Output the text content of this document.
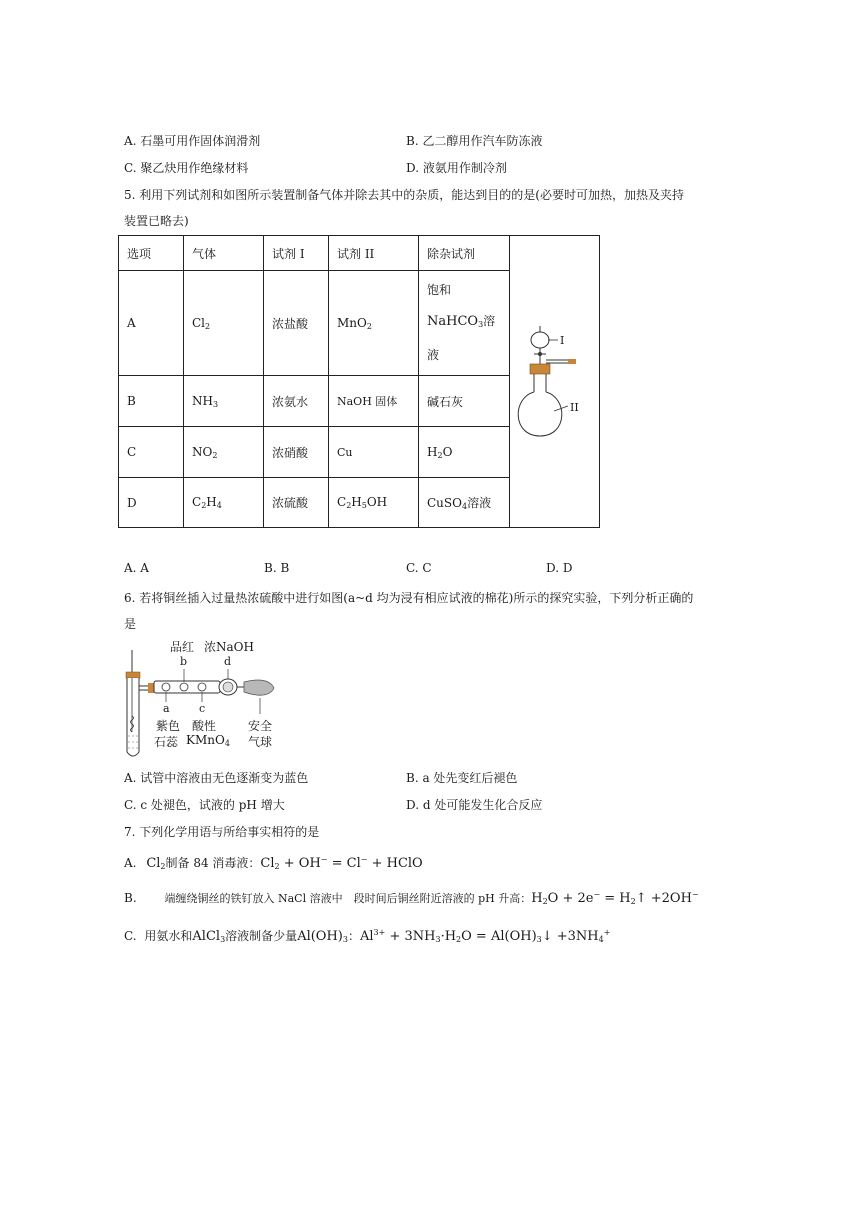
A. 石墨可用作固体润滑剂	B. 乙二醇用作汽车防冻液
C. 聚乙炔用作绝缘材料	D. 液氨用作制冷剂
5. 利用下列试剂和如图所示装置制备气体并除去其中的杂质，能达到目的的是(必要时可加热，加热及夹持
装置已略去)
选项	气体	试剂 I	试剂 II	除杂试剂	I
II

A	$Cl_2$	浓盐酸	MnO$_2$	饱和
NaHCO$_3$溶
液	

B	$NH_3$	浓氨水	NaOH 固体	碱石灰	
C	$NO_2$	浓硝酸	Cu	$H_2O$	
D	$C_2H_4$	浓硫酸	$C_2H_5OH$	CuSO$_4$溶液	
A. A	B. B	C. C	D. D
6. 若将铜丝插入过量热浓硫酸中进行如图(a~d 均为浸有相应试液的棉花)所示的探究实验，下列分析正确的
是
品红 浓NaOH
b	d
a	c
紫色
石蕊
酸性
KMnO$_4$
安全
气球
A. 试管中溶液由无色逐渐变为蓝色	B. a 处先变红后褪色
C. c 处褪色，试液的 pH 增大	D. d 处可能发生化合反应
7. 下列化学用语与所给事实相符的是
A. $Cl_2$制备 84 消毒液：$Cl_2 + OH^- = Cl^-$ + HClO
B.	端缠绕铜丝的铁钉放入 NaCl 溶液中　段时间后铜丝附近溶液的 pH 升高：$H_2O + 2e^-$ = $H_2↑ +2OH^-$
C. 用氨水和AlCl$_3$溶液制备少量$Al(OH)_3$：$Al^{3+} + 3NH_3\cdot H_2O$ = $Al(OH)_3↓ +3NH_4^+$
